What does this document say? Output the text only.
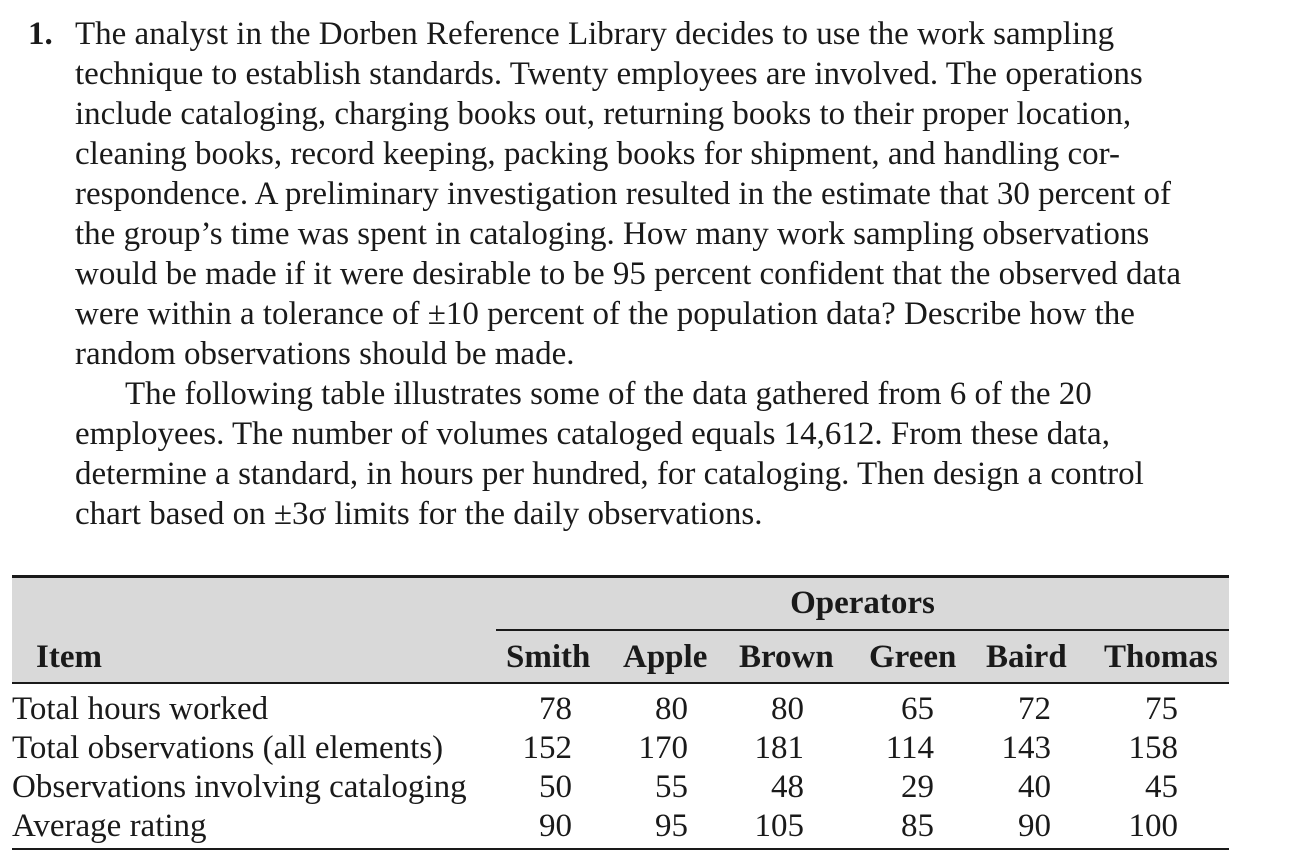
1. The analyst in the Dorben Reference Library decides to use the work sampling
technique to establish standards. Twenty employees are involved. The operations
include cataloging, charging books out, returning books to their proper location,
cleaning books, record keeping, packing books for shipment, and handling cor-
respondence. A preliminary investigation resulted in the estimate that 30 percent of
the group’s time was spent in cataloging. How many work sampling observations
would be made if it were desirable to be 95 percent confident that the observed data
were within a tolerance of ±10 percent of the population data? Describe how the
random observations should be made.
The following table illustrates some of the data gathered from 6 of the 20
employees. The number of volumes cataloged equals 14,612. From these data,
determine a standard, in hours per hundred, for cataloging. Then design a control
chart based on ±3σ limits for the daily observations.
Operators
Item	Smith Apple Brown Green Baird Thomas
Total hours worked	78	80	80	65	72	75
Total observations (all elements)	152	170	181	114	143	158
Observations involving cataloging	50	55	48	29	40	45
Average rating	90	95	105	85	90	100
